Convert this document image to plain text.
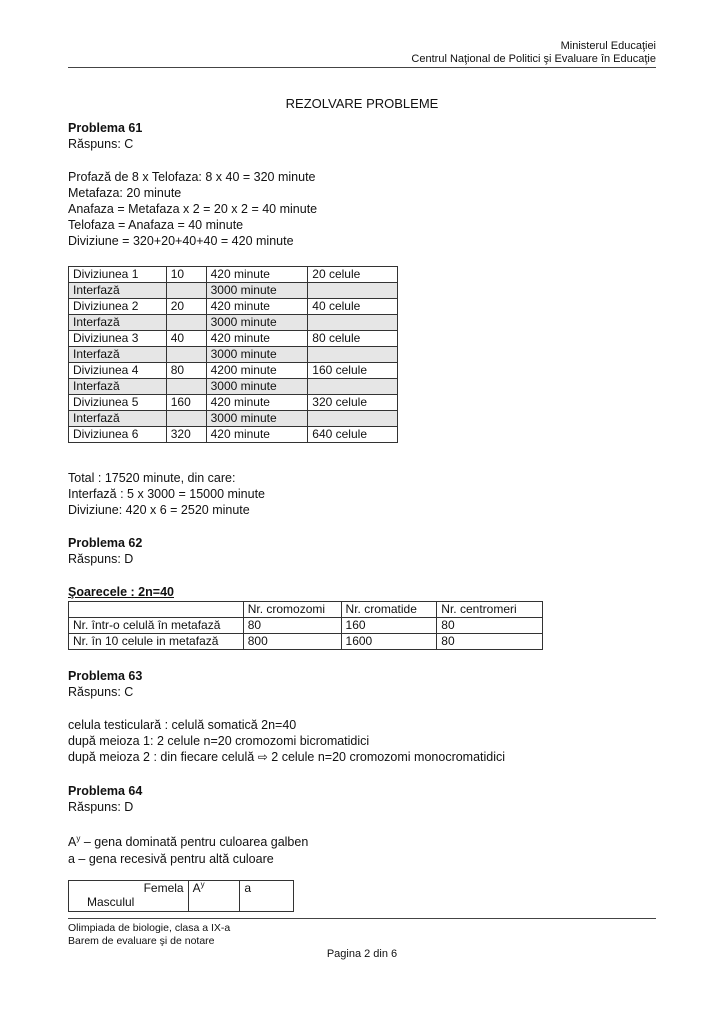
Ministerul Educaţiei
Centrul Naţional de Politici şi Evaluare în Educaţie
REZOLVARE PROBLEME
Problema 61
Răspuns: C
Profază de 8 x Telofaza: 8 x 40 = 320 minute
Metafaza: 20 minute
Anafaza = Metafaza x 2 = 20 x 2 = 40 minute
Telofaza = Anafaza = 40 minute
Diviziune = 320+20+40+40 = 420 minute
Diviziunea 1	10	420 minute	20 celule
Interfază		3000 minute	
Diviziunea 2	20	420 minute	40 celule
Interfază		3000 minute	
Diviziunea 3	40	420 minute	80 celule
Interfază		3000 minute	
Diviziunea 4	80	4200 minute	160 celule
Interfază		3000 minute	
Diviziunea 5	160	420 minute	320 celule
Interfază		3000 minute	
Diviziunea 6	320	420 minute	640 celule
Total : 17520 minute, din care:
Interfază : 5 x 3000 = 15000 minute
Diviziune: 420 x 6 = 2520 minute
Problema 62
Răspuns: D
Şoarecele : 2n=40
	Nr. cromozomi	Nr. cromatide	Nr. centromeri
Nr. într-o celulă în metafază	80	160	80
Nr. în 10 celule in metafază	800	1600	80
Problema 63
Răspuns: C
celula testiculară : celulă somatică 2n=40
după meioza 1: 2 celule n=20 cromozomi bicromatidici
după meioza 2 : din fiecare celulă ⇨ 2 celule n=20 cromozomi monocromatidici
Problema 64
Răspuns: D
$A^y$ – gena dominată pentru culoarea galben
a – gena recesivă pentru altă culoare
Femela
Masculul
	$A^y$	a
Olimpiada de biologie, clasa a IX-a
Barem de evaluare şi de notare
Pagina 2 din 6
